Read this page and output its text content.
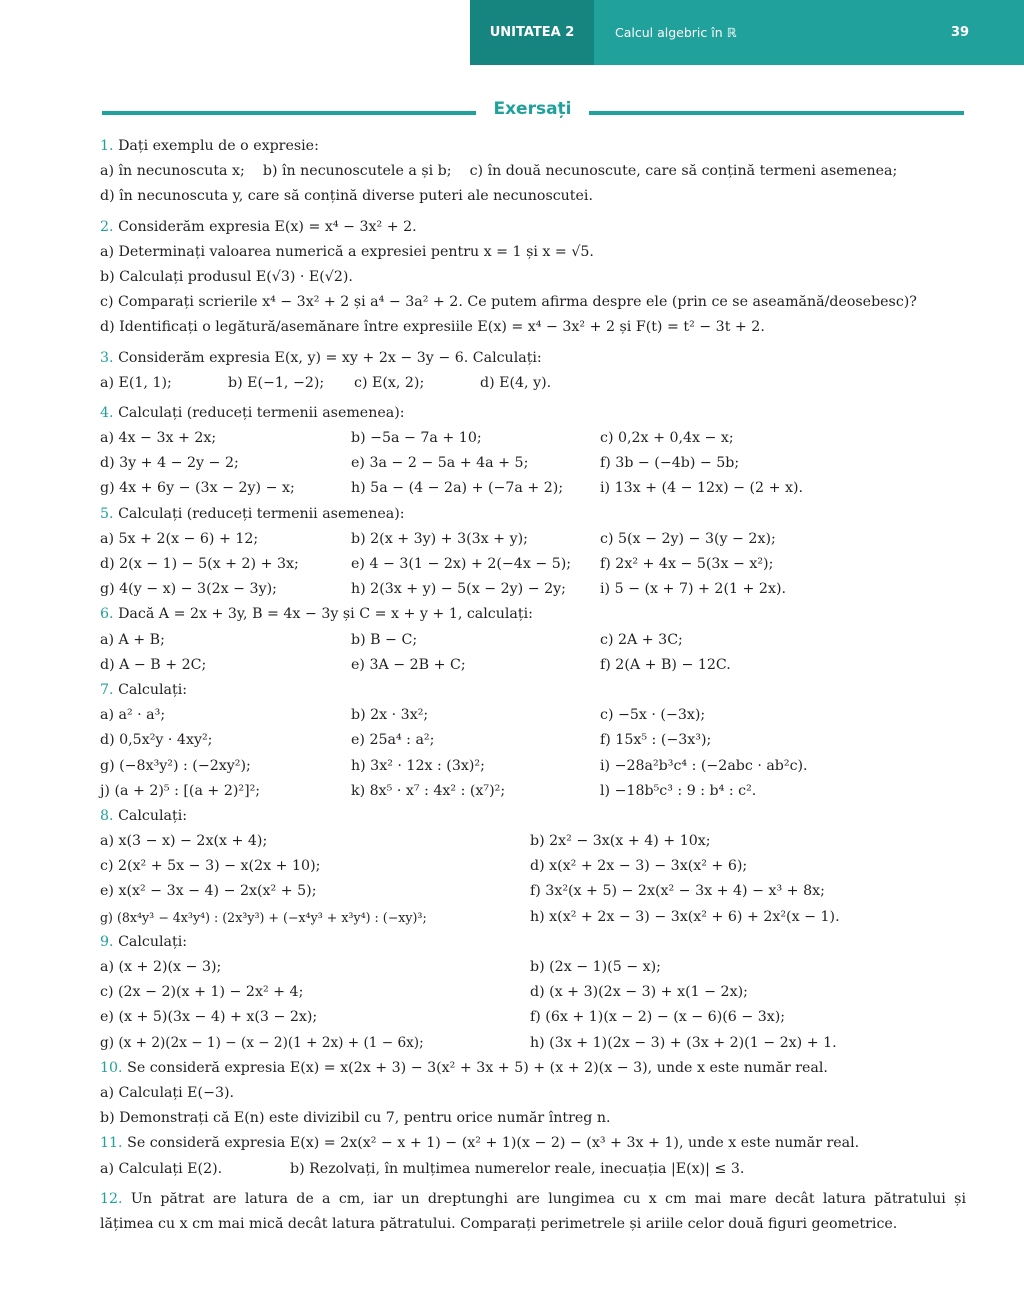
UNITATEA 2	Calcul algebric în ℝ	39
Exersați
1. Dați exemplu de o expresie:
a) în necunoscuta x; b) în necunoscutele a și b; c) în două necunoscute, care să conțină termeni asemenea;
d) în necunoscuta y, care să conțină diverse puteri ale necunoscutei.
2. Considerăm expresia E(x) = x⁴ − 3x² + 2.
a) Determinați valoarea numerică a expresiei pentru x = 1 și x = √5.
b) Calculați produsul E(√3) · E(√2).
c) Comparați scrierile x⁴ − 3x² + 2 și a⁴ − 3a² + 2. Ce putem afirma despre ele (prin ce se aseamănă/deosebesc)?
d) Identificați o legătură/asemănare între expresiile E(x) = x⁴ − 3x² + 2 și F(t) = t² − 3t + 2.
3. Considerăm expresia E(x, y) = xy + 2x − 3y − 6. Calculați:
a) E(1, 1);	b) E(−1, −2);	c) E(x, 2);	d) E(4, y).
4. Calculați (reduceți termenii asemenea):
a) 4x − 3x + 2x;	b) −5a − 7a + 10;	c) 0,2x + 0,4x − x;
d) 3y + 4 − 2y − 2;	e) 3a − 2 − 5a + 4a + 5;	f) 3b − (−4b) − 5b;
g) 4x + 6y − (3x − 2y) − x;	h) 5a − (4 − 2a) + (−7a + 2);	i) 13x + (4 − 12x) − (2 + x).
5. Calculați (reduceți termenii asemenea):
a) 5x + 2(x − 6) + 12;	b) 2(x + 3y) + 3(3x + y);	c) 5(x − 2y) − 3(y − 2x);
d) 2(x − 1) − 5(x + 2) + 3x;	e) 4 − 3(1 − 2x) + 2(−4x − 5);	f) 2x² + 4x − 5(3x − x²);
g) 4(y − x) − 3(2x − 3y);	h) 2(3x + y) − 5(x − 2y) − 2y;	i) 5 − (x + 7) + 2(1 + 2x).
6. Dacă A = 2x + 3y, B = 4x − 3y și C = x + y + 1, calculați:
a) A + B;	b) B − C;	c) 2A + 3C;
d) A − B + 2C;	e) 3A − 2B + C;	f) 2(A + B) − 12C.
7. Calculați:
a) a² · a³;	b) 2x · 3x²;	c) −5x · (−3x);
d) 0,5x²y · 4xy²;	e) 25a⁴ : a²;	f) 15x⁵ : (−3x³);
g) (−8x³y²) : (−2xy²);	h) 3x² · 12x : (3x)²;	i) −28a²b³c⁴ : (−2abc · ab²c).
j) (a + 2)⁵ : [(a + 2)²]²;	k) 8x⁵ · x⁷ : 4x² : (x⁷)²;	l) −18b⁵c³ : 9 : b⁴ : c².
8. Calculați:
a) x(3 − x) − 2x(x + 4);	b) 2x² − 3x(x + 4) + 10x;
c) 2(x² + 5x − 3) − x(2x + 10);	d) x(x² + 2x − 3) − 3x(x² + 6);
e) x(x² − 3x − 4) − 2x(x² + 5);	f) 3x²(x + 5) − 2x(x² − 3x + 4) − x³ + 8x;
g) (8x⁴y³ − 4x³y⁴) : (2x³y³) + (−x⁴y³ + x³y⁴) : (−xy)³;	h) x(x² + 2x − 3) − 3x(x² + 6) + 2x²(x − 1).
9. Calculați:
a) (x + 2)(x − 3);	b) (2x − 1)(5 − x);
c) (2x − 2)(x + 1) − 2x² + 4;	d) (x + 3)(2x − 3) + x(1 − 2x);
e) (x + 5)(3x − 4) + x(3 − 2x);	f) (6x + 1)(x − 2) − (x − 6)(6 − 3x);
g) (x + 2)(2x − 1) − (x − 2)(1 + 2x) + (1 − 6x);	h) (3x + 1)(2x − 3) + (3x + 2)(1 − 2x) + 1.
10. Se consideră expresia E(x) = x(2x + 3) − 3(x² + 3x + 5) + (x + 2)(x − 3), unde x este număr real.
a) Calculați E(−3).
b) Demonstrați că E(n) este divizibil cu 7, pentru orice număr întreg n.
11. Se consideră expresia E(x) = 2x(x² − x + 1) − (x² + 1)(x − 2) − (x³ + 3x + 1), unde x este număr real.
a) Calculați E(2).	b) Rezolvați, în mulțimea numerelor reale, inecuația |E(x)| ≤ 3.
12. Un pătrat are latura de a cm, iar un dreptunghi are lungimea cu x cm mai mare decât latura pătratului și
lățimea cu x cm mai mică decât latura pătratului. Comparați perimetrele și ariile celor două figuri geometrice.
